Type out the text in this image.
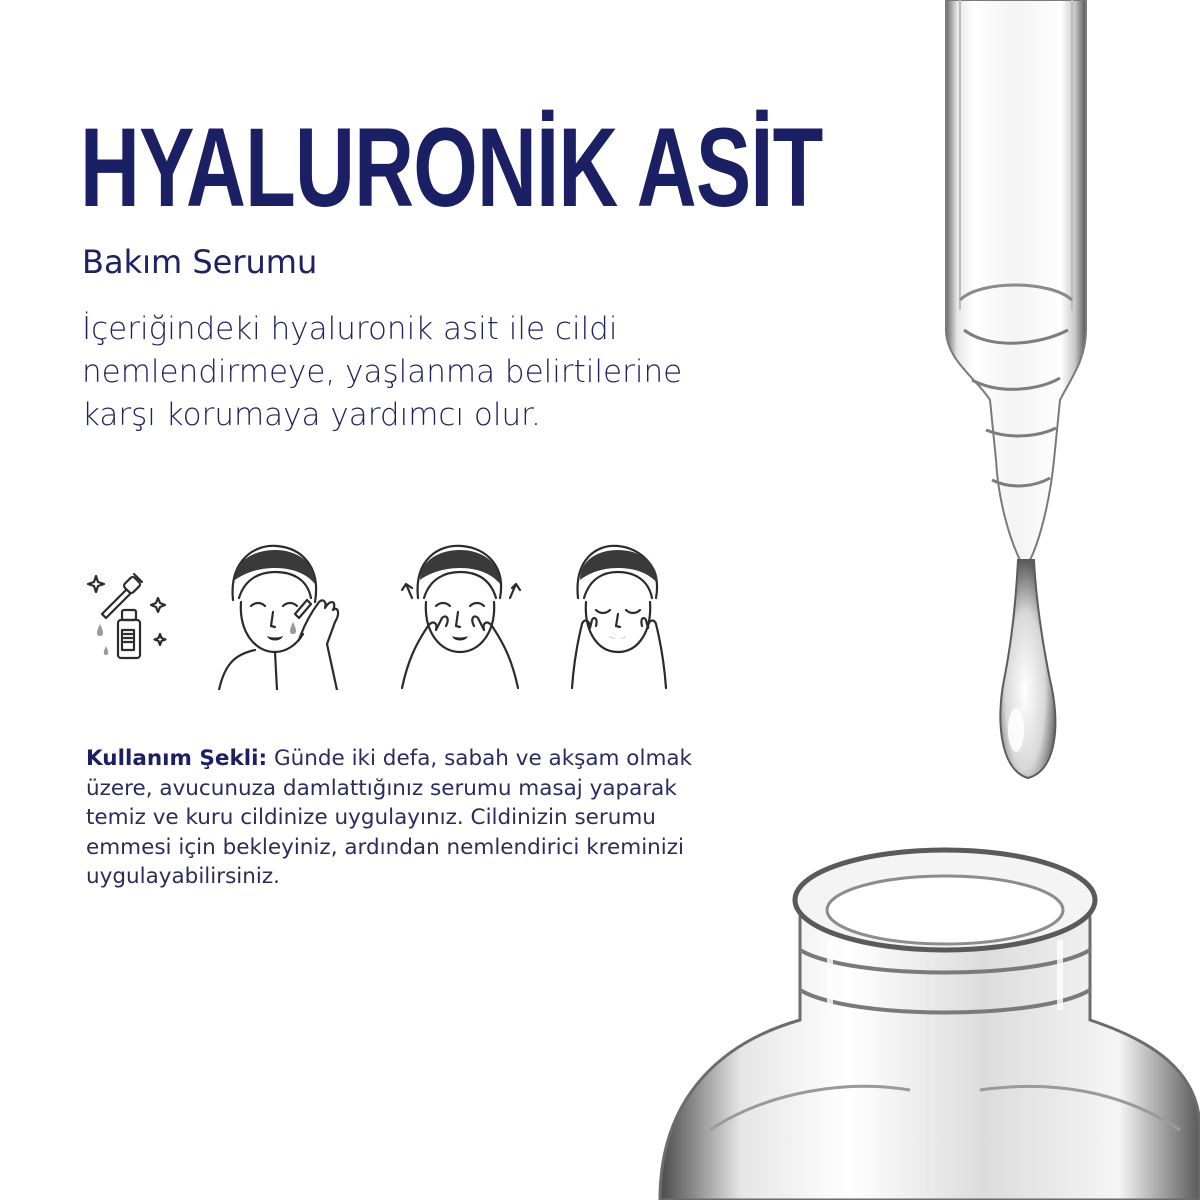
HYALURONİK ASİT
Bakım Serumu

İçeriğindeki hyaluronik asit ile cildi nemlendirmeye, yaşlanma belirtilerine karşı korumaya yardımcı olur.

Kullanım Şekli: Günde iki defa, sabah ve akşam olmak üzere, avucunuza damlattığınız serumu masaj yaparak temiz ve kuru cildinize uygulayınız. Cildinizin serumu emmesi için bekleyiniz, ardından nemlendirici kreminizi uygulayabilirsiniz.
